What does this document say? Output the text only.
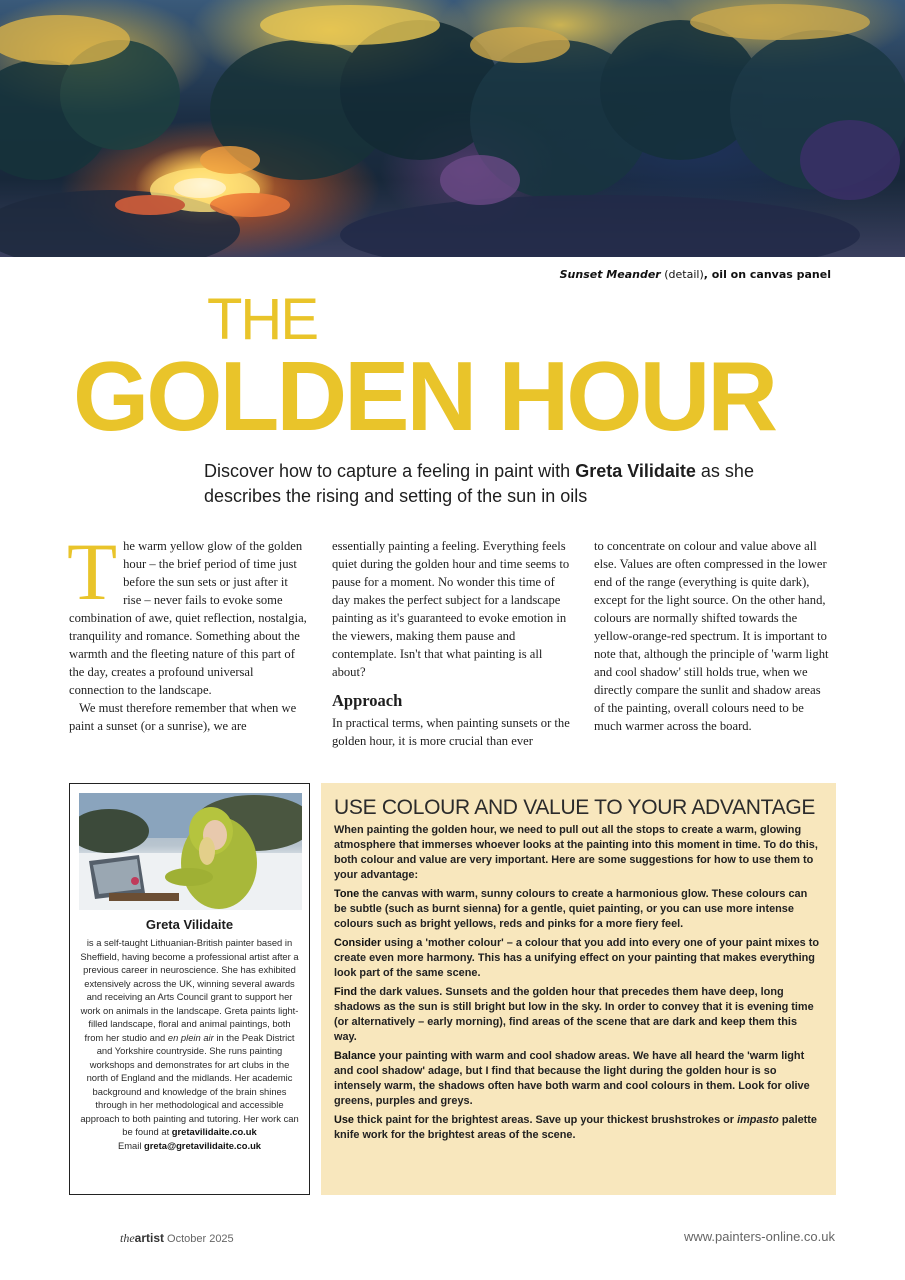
Sunset Meander (detail), oil on canvas panel
THE
GOLDEN HOUR
Discover how to capture a feeling in paint with Greta Vilidaite as she describes the rising and setting of the sun in oils

The warm yellow glow of the golden hour – the brief period of time just before the sun sets or just after it rise – never fails to evoke some combination of awe, quiet reflection, nostalgia, tranquility and romance. Something about the warmth and the fleeting nature of this part of the day, creates a profound universal connection to the landscape.

We must therefore remember that when we paint a sunset (or a sunrise), we are

essentially painting a feeling. Everything feels quiet during the golden hour and time seems to pause for a moment. No wonder this time of day makes the perfect subject for a landscape painting as it's guaranteed to evoke emotion in the viewers, making them pause and contemplate. Isn't that what painting is all about?

Approach

In practical terms, when painting sunsets or the golden hour, it is more crucial than ever

to concentrate on colour and value above all else. Values are often compressed in the lower end of the range (everything is quite dark), except for the light source. On the other hand, colours are normally shifted towards the yellow-orange-red spectrum. It is important to note that, although the principle of 'warm light and cool shadow' still holds true, when we directly compare the sunlit and shadow areas of the painting, overall colours need to be much warmer across the board.

Greta Vilidaite
is a self-taught Lithuanian-British painter based in Sheffield, having become a professional artist after a previous career in neuroscience. She has exhibited extensively across the UK, winning several awards and receiving an Arts Council grant to support her work on animals in the landscape. Greta paints light-filled landscape, floral and animal paintings, both from her studio and en plein air in the Peak District and Yorkshire countryside. She runs painting workshops and demonstrates for art clubs in the north of England and the midlands. Her academic background and knowledge of the brain shines through in her methodological and accessible approach to both painting and tutoring. Her work can be found at gretavilidaite.co.uk
Email greta@gretavilidaite.co.uk
USE COLOUR AND VALUE TO YOUR ADVANTAGE

When painting the golden hour, we need to pull out all the stops to create a warm, glowing atmosphere that immerses whoever looks at the painting into this moment in time. To do this, both colour and value are very important. Here are some suggestions for how to use them to your advantage:

Tone the canvas with warm, sunny colours to create a harmonious glow. These colours can be subtle (such as burnt sienna) for a gentle, quiet painting, or you can use more intense colours such as bright yellows, reds and pinks for a more fiery feel.

Consider using a 'mother colour' – a colour that you add into every one of your paint mixes to create even more harmony. This has a unifying effect on your painting that makes everything look part of the same scene.

Find the dark values. Sunsets and the golden hour that precedes them have deep, long shadows as the sun is still bright but low in the sky. In order to convey that it is evening time (or alternatively – early morning), find areas of the scene that are dark and keep them this way.

Balance your painting with warm and cool shadow areas. We have all heard the 'warm light and cool shadow' adage, but I find that because the light during the golden hour is so intensely warm, the shadows often have both warm and cool colours in them. Look for olive greens, purples and greys.

Use thick paint for the brightest areas. Save up your thickest brushstrokes or impasto palette knife work for the brightest areas of the scene.

theartist October 2025	www.painters-online.co.uk
